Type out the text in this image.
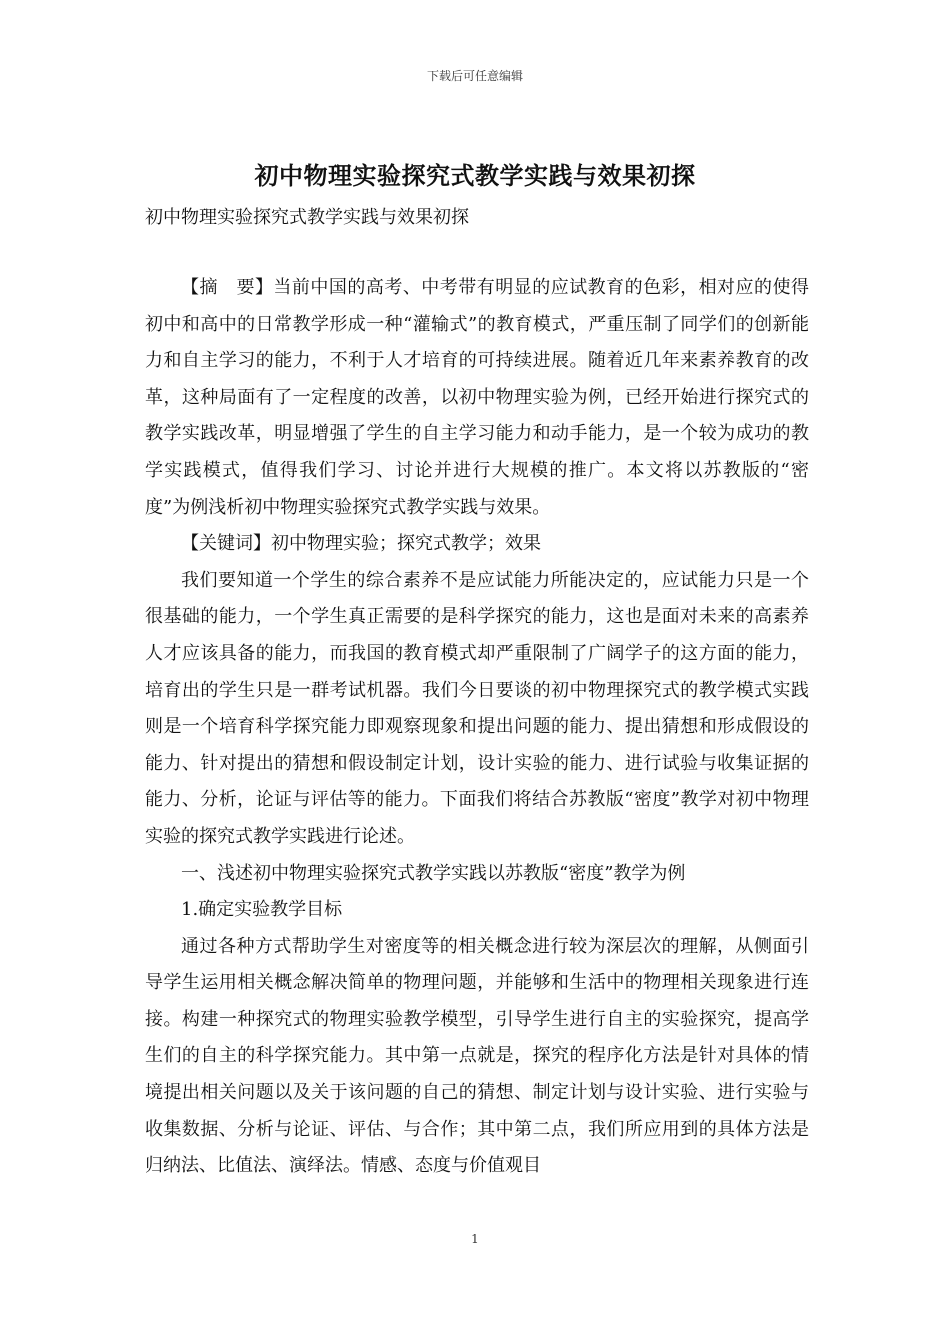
下载后可任意编辑
初中物理实验探究式教学实践与效果初探
初中物理实验探究式教学实践与效果初探

【摘　要】当前中国的高考、中考带有明显的应试教育的色彩，相对应的使得初中和高中的日常教学形成一种“灌输式”的教育模式，严重压制了同学们的创新能力和自主学习的能力，不利于人才培育的可持续进展。随着近几年来素养教育的改革，这种局面有了一定程度的改善，以初中物理实验为例，已经开始进行探究式的教学实践改革，明显增强了学生的自主学习能力和动手能力，是一个较为成功的教学实践模式，值得我们学习、讨论并进行大规模的推广。本文将以苏教版的“密度”为例浅析初中物理实验探究式教学实践与效果。

【关键词】初中物理实验；探究式教学；效果

我们要知道一个学生的综合素养不是应试能力所能决定的，应试能力只是一个很基础的能力，一个学生真正需要的是科学探究的能力，这也是面对未来的高素养人才应该具备的能力，而我国的教育模式却严重限制了广阔学子的这方面的能力，培育出的学生只是一群考试机器。我们今日要谈的初中物理探究式的教学模式实践则是一个培育科学探究能力即观察现象和提出问题的能力、提出猜想和形成假设的能力、针对提出的猜想和假设制定计划，设计实验的能力、进行试验与收集证据的能力、分析，论证与评估等的能力。下面我们将结合苏教版“密度”教学对初中物理实验的探究式教学实践进行论述。

一、浅述初中物理实验探究式教学实践以苏教版“密度”教学为例

1.确定实验教学目标

通过各种方式帮助学生对密度等的相关概念进行较为深层次的理解，从侧面引导学生运用相关概念解决简单的物理问题，并能够和生活中的物理相关现象进行连接。构建一种探究式的物理实验教学模型，引导学生进行自主的实验探究，提高学生们的自主的科学探究能力。其中第一点就是，探究的程序化方法是针对具体的情境提出相关问题以及关于该问题的自己的猜想、制定计划与设计实验、进行实验与收集数据、分析与论证、评估、与合作；其中第二点，我们所应用到的具体方法是归纳法、比值法、演绎法。情感、态度与价值观目

1
